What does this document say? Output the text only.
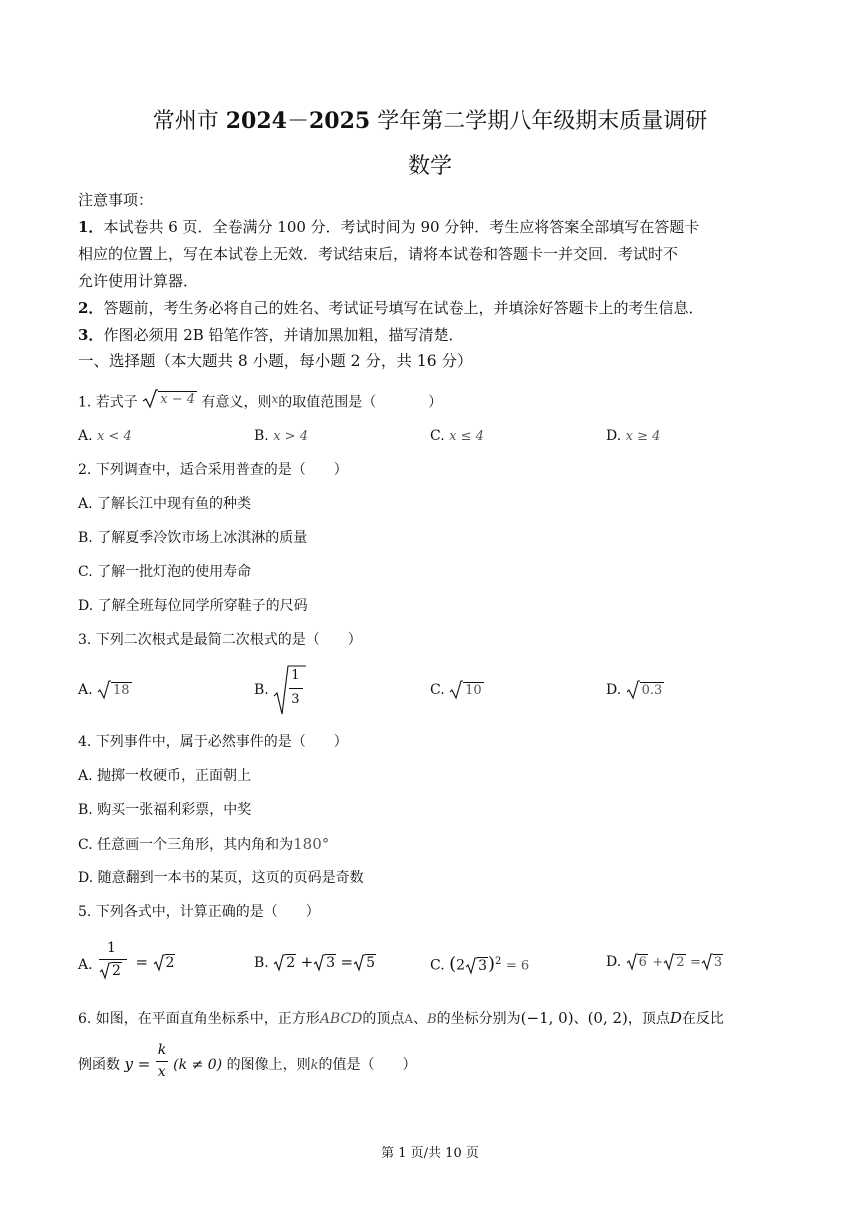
常州市 2024－2025 学年第二学期八年级期末质量调研
数学
注意事项：
1．本试卷共 6 页．全卷满分 100 分．考试时间为 90 分钟．考生应将答案全部填写在答题卡
相应的位置上，写在本试卷上无效．考试结束后，请将本试卷和答题卡一并交回．考试时不
允许使用计算器．
2．答题前，考生务必将自己的姓名、考试证号填写在试卷上，并填涂好答题卡上的考生信息．
3．作图必须用 2B 铅笔作答，并请加黑加粗，描写清楚．
一、选择题（本大题共 8 小题，每小题 2 分，共 16 分）
1. 若式子 x − 4 有意义，则x的取值范围是（	）
A. x < 4	B. x > 4	C. x ≤ 4	D. x ≥ 4
2. 下列调查中，适合采用普查的是（　　）
A. 了解长江中现有鱼的种类
B. 了解夏季冷饮市场上冰淇淋的质量
C. 了解一批灯泡的使用寿命
D. 了解全班每位同学所穿鞋子的尺码
3. 下列二次根式是最简二次根式的是（　　）
A. 18	B. $\frac{1}{3}$	C. 10	D. 0.3
4. 下列事件中，属于必然事件的是（　　）
A. 抛掷一枚硬币，正面朝上
B. 购买一张福利彩票，中奖
C. 任意画一个三角形，其内角和为180°
D. 随意翻到一本书的某页，这页的页码是奇数
5. 下列各式中，计算正确的是（　　）
A. $\frac{1}{2} = 2$	B. 2 + 3 = 5	C. (2 3)$^2$ = 6	D. 6 + 2 = 3
6. 如图，在平面直角坐标系中，正方形ABCD的顶点A、B的坐标分别为(−1, 0)、(0, 2)，顶点D在反比
例函数 $y = \frac{k}{x} (k \ne 0)$ 的图像上，则k的值是（　　）
第 1 页/共 10 页
